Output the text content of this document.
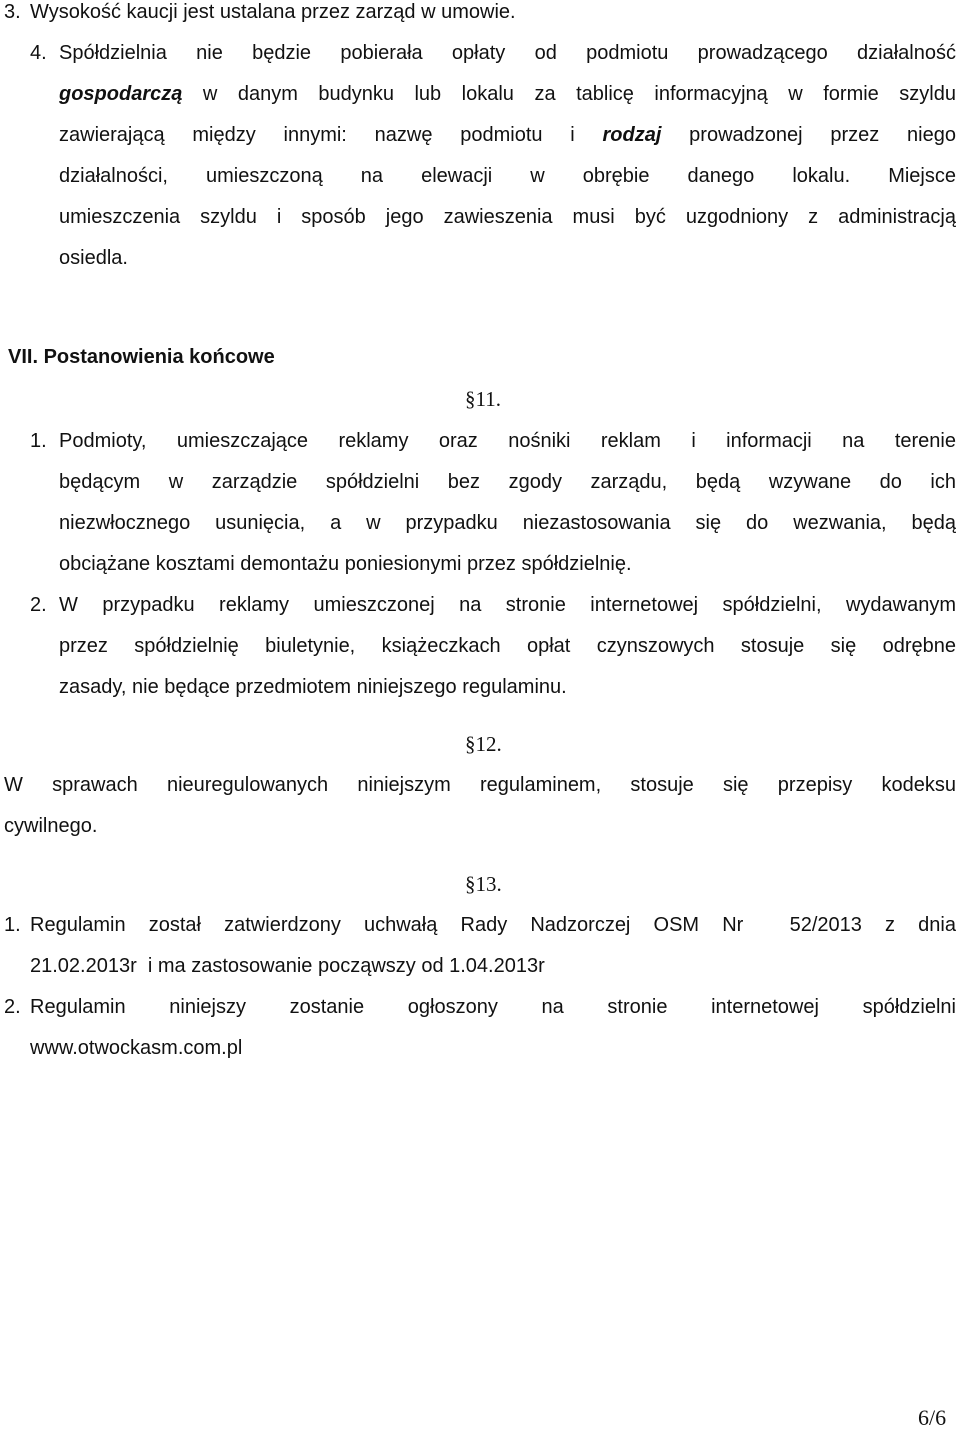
3. Wysokość kaucji jest ustalana przez zarząd w umowie.
4. Spółdzielnia nie będzie pobierała opłaty od podmiotu prowadzącego działalność
gospodarczą w danym budynku lub lokalu za tablicę informacyjną w formie szyldu
zawierającą między innymi: nazwę podmiotu i rodzaj prowadzonej przez niego
działalności, umieszczoną na elewacji w obrębie danego lokalu. Miejsce
umieszczenia szyldu i sposób jego zawieszenia musi być uzgodniony z administracją
osiedla.
VII. Postanowienia końcowe
§11.
1. Podmioty, umieszczające reklamy oraz nośniki reklam i informacji na terenie
będącym w zarządzie spółdzielni bez zgody zarządu, będą wzywane do ich
niezwłocznego usunięcia, a w przypadku niezastosowania się do wezwania, będą
obciążane kosztami demontażu poniesionymi przez spółdzielnię.
2. W przypadku reklamy umieszczonej na stronie internetowej spółdzielni, wydawanym
przez spółdzielnię biuletynie, książeczkach opłat czynszowych stosuje się odrębne
zasady, nie będące przedmiotem niniejszego regulaminu.
§12.
W sprawach nieuregulowanych niniejszym regulaminem, stosuje się przepisy kodeksu
cywilnego.
§13.
1. Regulamin został zatwierdzony uchwałą Rady Nadzorczej OSM Nr  52/2013 z dnia
21.02.2013r  i ma zastosowanie począwszy od 1.04.2013r
2. Regulamin niniejszy zostanie ogłoszony na stronie internetowej spółdzielni
www.otwockasm.com.pl
6/6
